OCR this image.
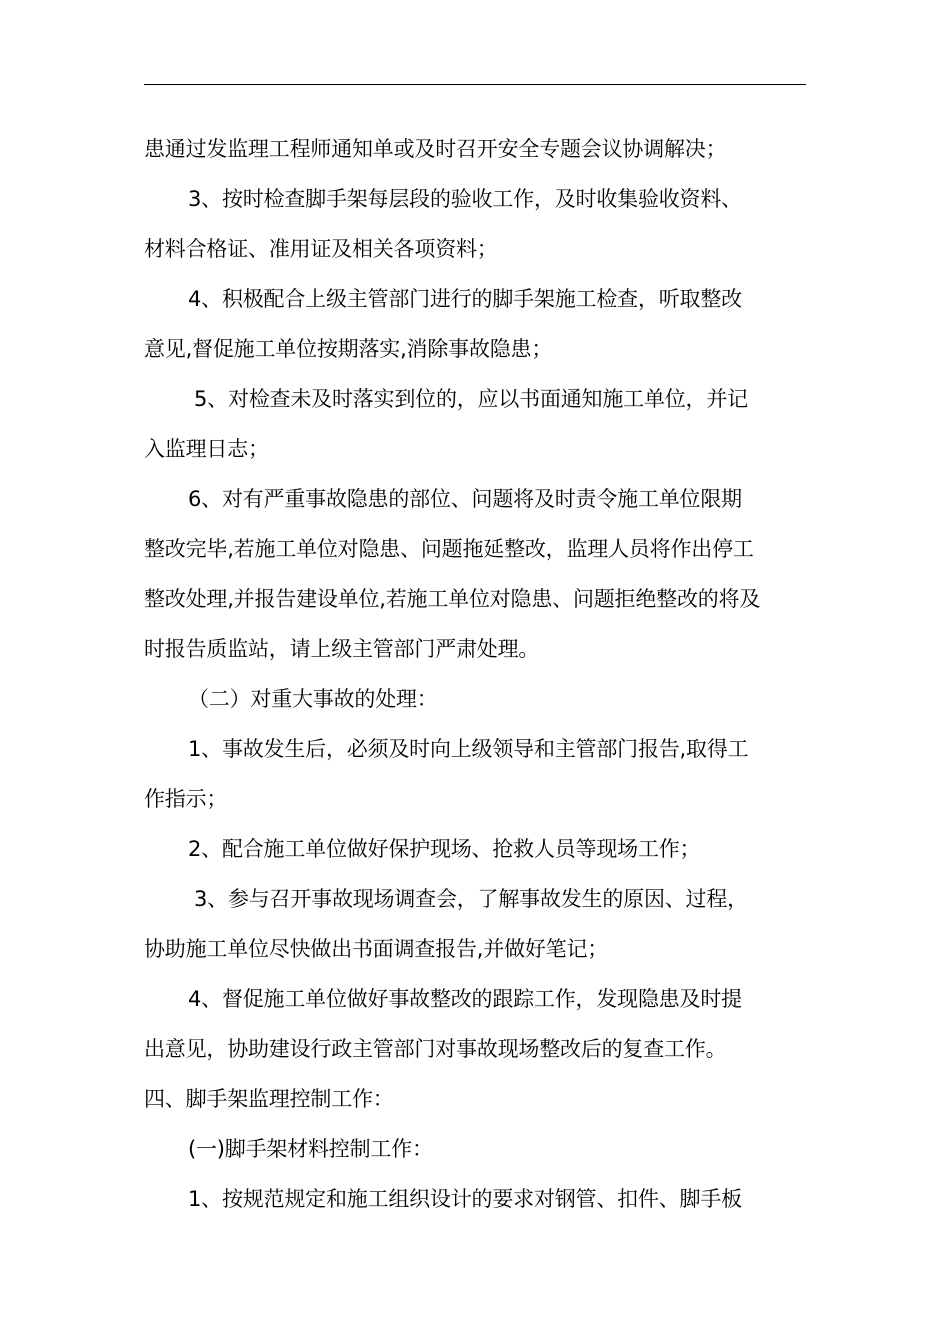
患通过发监理工程师通知单或及时召开安全专题会议协调解决；

3、按时检查脚手架每层段的验收工作，及时收集验收资料、

材料合格证、准用证及相关各项资料；

4、积极配合上级主管部门进行的脚手架施工检查，听取整改

意见,督促施工单位按期落实,消除事故隐患；

5、对检查未及时落实到位的，应以书面通知施工单位，并记

入监理日志；

6、对有严重事故隐患的部位、问题将及时责令施工单位限期

整改完毕,若施工单位对隐患、问题拖延整改，监理人员将作出停工

整改处理,并报告建设单位,若施工单位对隐患、问题拒绝整改的将及

时报告质监站，请上级主管部门严肃处理。

（二）对重大事故的处理：

1、事故发生后，必须及时向上级领导和主管部门报告,取得工

作指示；

2、配合施工单位做好保护现场、抢救人员等现场工作；

3、参与召开事故现场调查会，了解事故发生的原因、过程，

协助施工单位尽快做出书面调查报告,并做好笔记；

4、督促施工单位做好事故整改的跟踪工作，发现隐患及时提

出意见，协助建设行政主管部门对事故现场整改后的复查工作。

四、脚手架监理控制工作：

(一)脚手架材料控制工作：

1、按规范规定和施工组织设计的要求对钢管、扣件、脚手板
